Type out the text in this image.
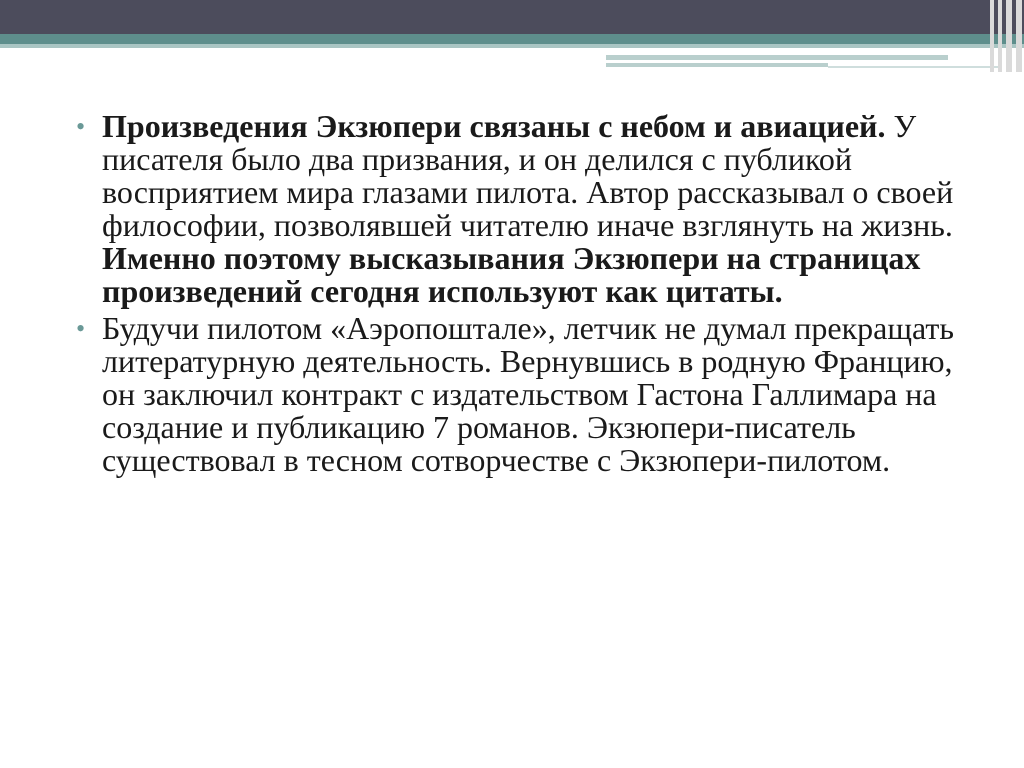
• Произведения Экзюпери связаны с небом и авиацией. У писателя было два призвания, и он делился с публикой восприятием мира глазами пилота. Автор рассказывал о своей философии, позволявшей читателю иначе взглянуть на жизнь. Именно поэтому высказывания Экзюпери на страницах произведений сегодня используют как цитаты.
• Будучи пилотом «Аэропоштале», летчик не думал прекращать литературную деятельность. Вернувшись в родную Францию, он заключил контракт с издательством Гастона Галлимара на создание и публикацию 7 романов. Экзюпери-писатель существовал в тесном сотворчестве с Экзюпери-пилотом.
